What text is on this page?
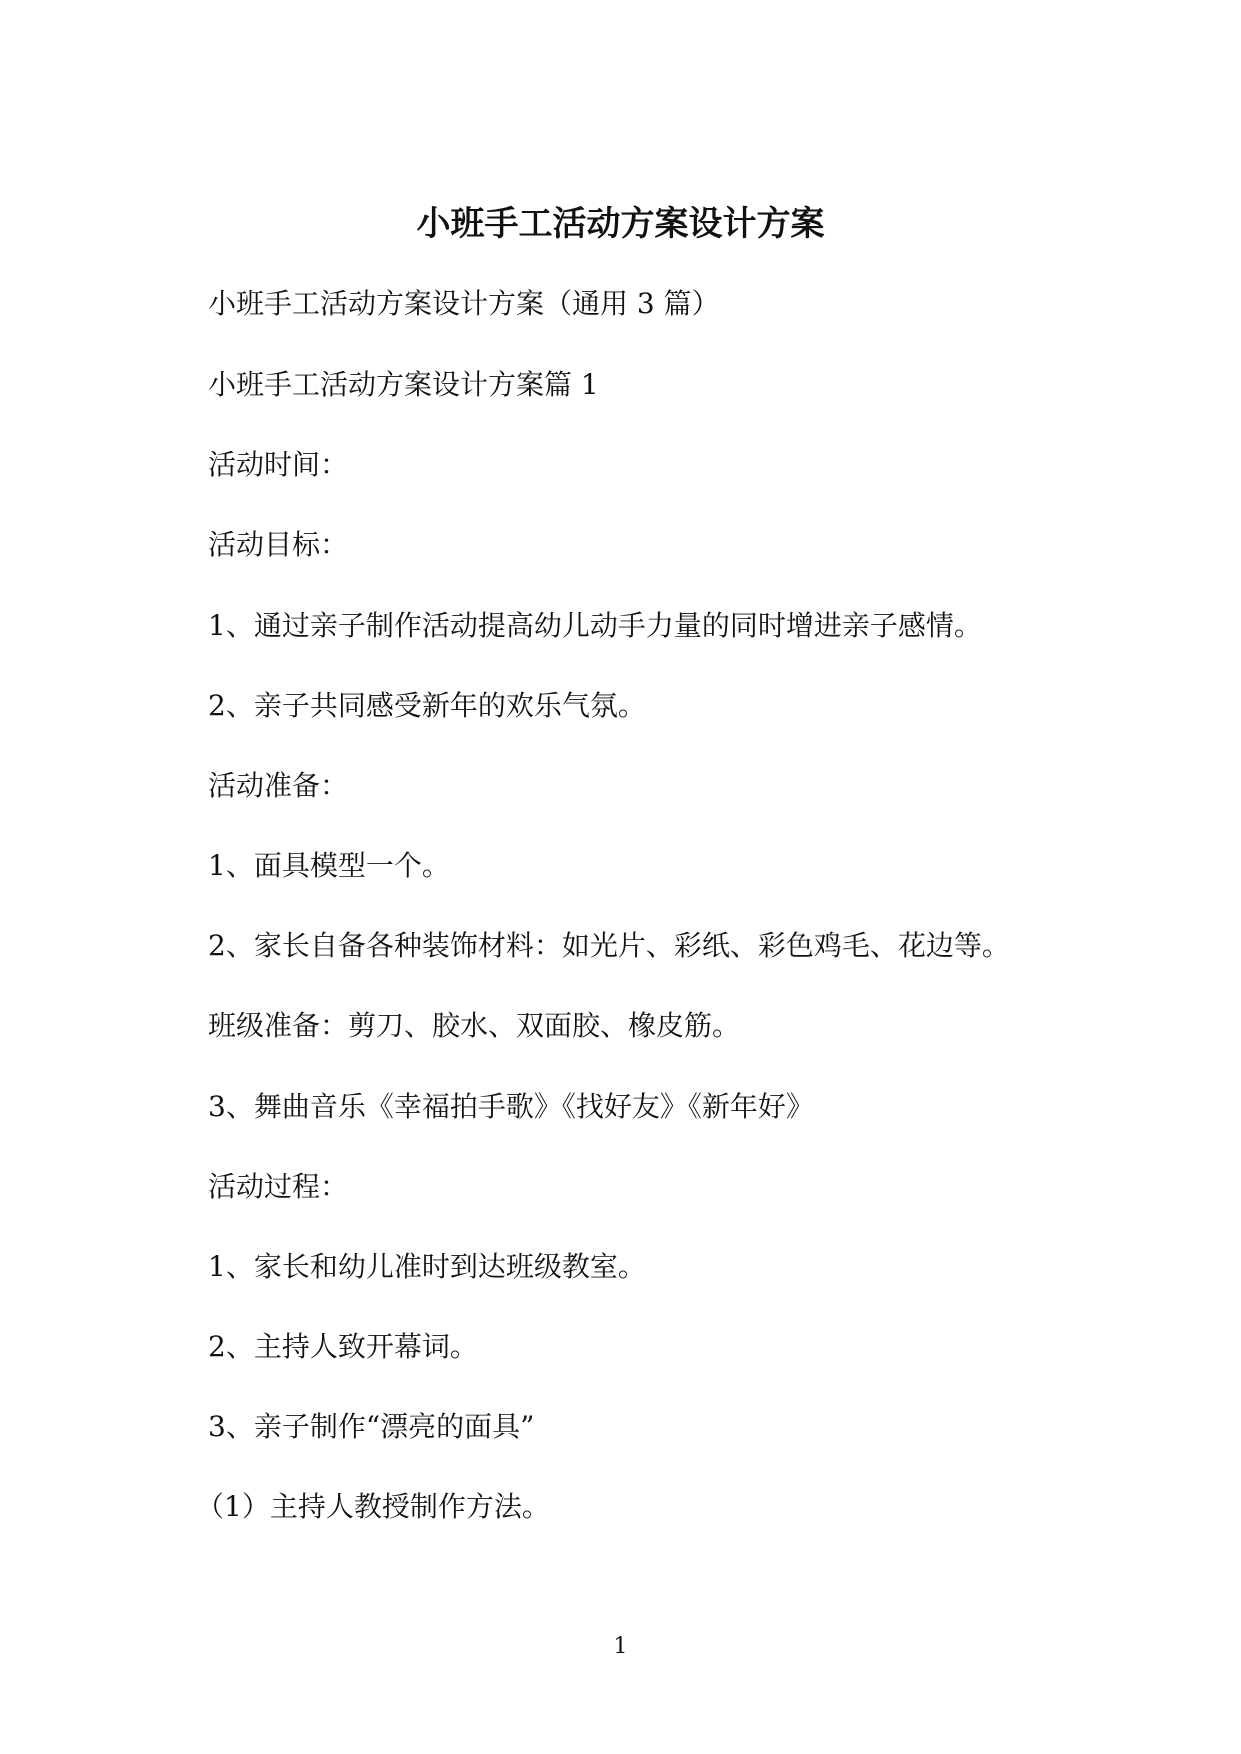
小班手工活动方案设计方案

小班手工活动方案设计方案（通用 3 篇）

小班手工活动方案设计方案篇 1

活动时间：

活动目标：

1、通过亲子制作活动提高幼儿动手力量的同时增进亲子感情。

2、亲子共同感受新年的欢乐气氛。

活动准备：

1、面具模型一个。

2、家长自备各种装饰材料：如光片、彩纸、彩色鸡毛、花边等。

班级准备：剪刀、胶水、双面胶、橡皮筋。

3、舞曲音乐《幸福拍手歌》《找好友》《新年好》

活动过程：

1、家长和幼儿准时到达班级教室。

2、主持人致开幕词。

3、亲子制作“漂亮的面具”

（1）主持人教授制作方法。

1
